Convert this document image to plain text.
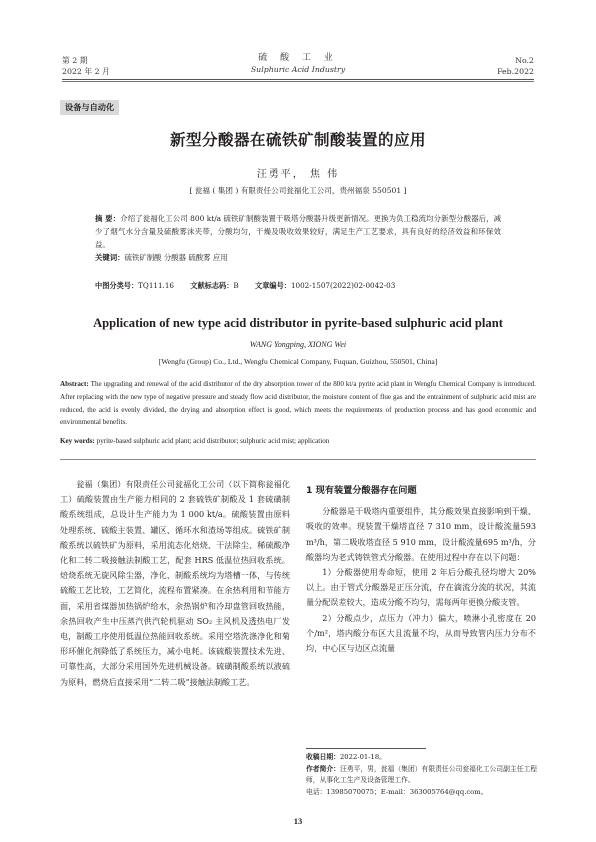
第 2 期
2022 年 2 月
硫 酸 工 业
Sulphuric Acid Industry
No.2
Feb.2022
设备与自动化
新型分酸器在硫铁矿制酸装置的应用
汪勇平， 焦 伟
[ 瓮福 ( 集团 ) 有限责任公司瓮福化工公司，贵州福泉 550501 ]
摘 要：介绍了瓮福化工公司 800 kt/a 硫铁矿制酸装置干吸塔分酸器升级更新情况。更换为负工稳流均分新型分酸器后，减少了烟气水分含量及硫酸雾沫夹带，分酸均匀，干燥及吸收效果较好，满足生产工艺要求，具有良好的经济效益和环保效益。
关键词：硫铁矿制酸 分酸器 硫酸雾 应用
中图分类号：TQ111.16 文献标志码：B 文章编号：1002-1507(2022)02-0042-03
Application of new type acid distributor in pyrite-based sulphuric acid plant
WANG Yongping, XIONG Wei
[Wengfu (Group) Co., Ltd., Wengfu Chemical Company, Fuquan, Guizhou, 550501, China]
Abstract: The upgrading and renewal of the acid distributor of the dry absorption tower of the 800 kt/a pyrite acid plant in Wengfu Chemical Company is introduced. After replacing with the new type of negative pressure and steady flow acid distributor, the moisture content of flue gas and the entrainment of sulphuric acid mist are reduced, the acid is evenly divided, the drying and absorption effect is good, which meets the requirements of production process and has good economic and environmental benefits.
Key words: pyrite-based sulphuric acid plant; acid distributor; sulphuric acid mist; application

瓮福（集团）有限责任公司瓮福化工公司（以下简称瓮福化工）硫酸装置由生产能力相同的 2 套硫铁矿制酸及 1 套硫磺制酸系统组成，总设计生产能力为 1 000 kt/a。硫酸装置由原料处理系统、硫酸主装置、罐区、循环水和渣场等组成。硫铁矿制酸系统以硫铁矿为原料，采用流态化焙烧、干法除尘、稀硫酸净化和二转二吸接触法制酸工艺，配套 HRS 低温位热回收系统。焙烧系统无旋风除尘器，净化、制酸系统均为塔槽一体，与传统硫酸工艺比较，工艺简化，流程布置紧凑。在余热利用和节能方面，采用省煤器加热锅炉给水，余热锅炉和冷却盘管回收热能，余热回收产生中压蒸汽供汽轮机驱动 SO₂ 主风机及透热电厂发电，制酸工序使用低温位热能回收系统。采用空塔洗涤净化和菊形环催化剂降低了系统压力，减小电耗。该硫酸装置技术先进、可靠性高，大部分采用国外先进机械设备。硫磺制酸系统以液硫为原料，燃烧后直接采用“二转二吸”接触法制酸工艺。

1 现有装置分酸器存在问题

分酸器是干吸塔内重要组件，其分酸效果直接影响到干燥、吸收的效率。现装置干燥塔直径 7 310 mm，设计酸流量593 m³/h，第二吸收塔直径 5 910 mm，设计酸流量695 m³/h，分酸器均为老式铸铁管式分酸器。在使用过程中存在以下问题：

1）分酸器使用寿命短，使用 2 年后分酸孔径均增大 20% 以上。由于管式分酸器是正压分流，存在滴流分流的状况，其流量分配误差较大，造成分酸不均匀，需每两年更换分酸支管。

2）分酸点少，点压力（冲力）偏大，喷淋小孔密度在 20 个/m²，塔内酸分布区大且流量不均，从而导致管内压力分布不均，中心区与边区点流量

收稿日期：2022-01-18。
作者简介：汪勇平，男，瓮福（集团）有限责任公司瓮福化工公司副主任工程师，从事化工生产及设备管理工作。
电话：13985070075；E-mail：363005764@qq.com。
13
